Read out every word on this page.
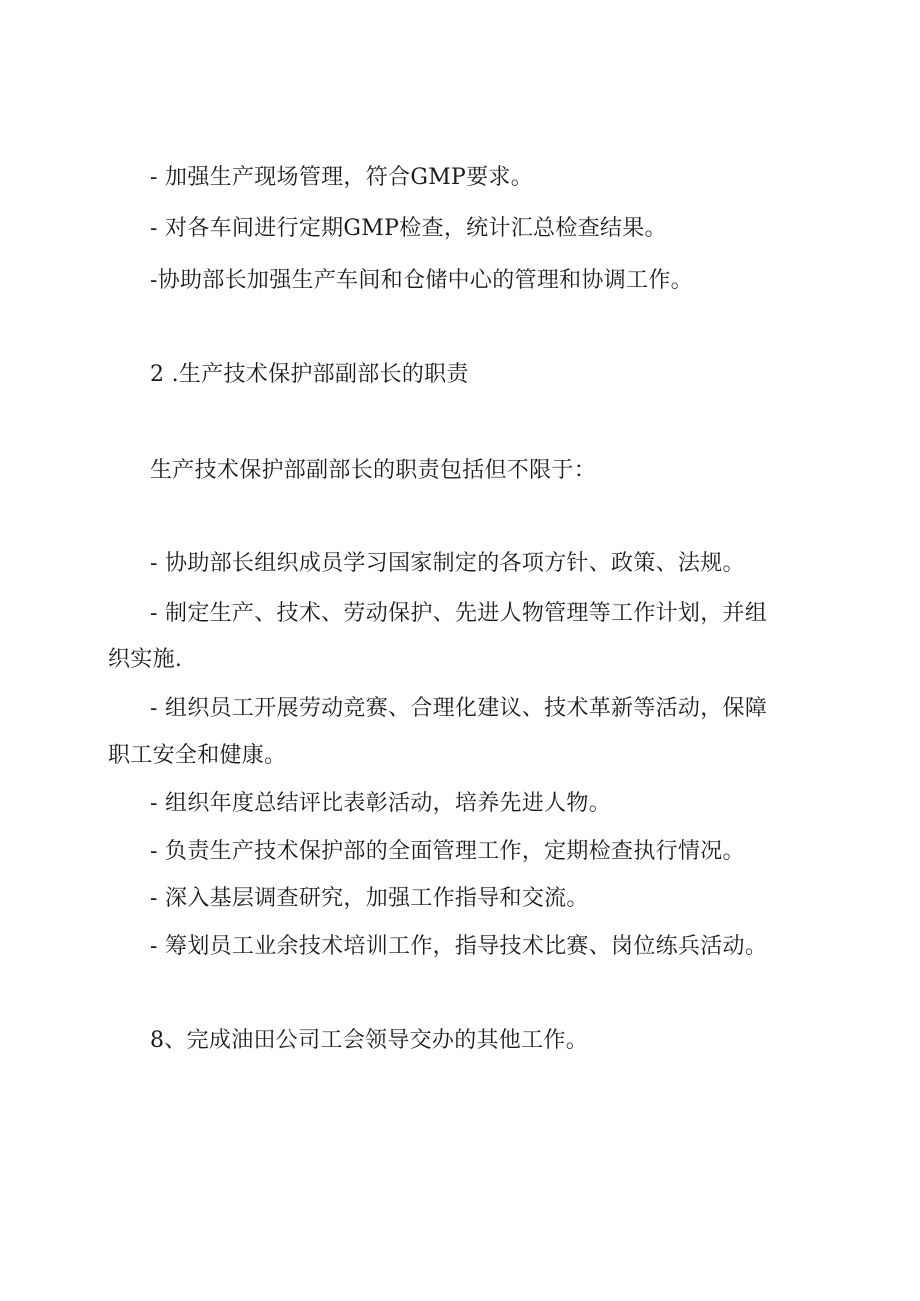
- 加强生产现场管理，符合GMP要求。
- 对各车间进行定期GMP检查，统计汇总检查结果。
-协助部长加强生产车间和仓储中心的管理和协调工作。
2 .生产技术保护部副部长的职责
生产技术保护部副部长的职责包括但不限于：
- 协助部长组织成员学习国家制定的各项方针、政策、法规。
- 制定生产、技术、劳动保护、先进人物管理等工作计划，并组
织实施.
- 组织员工开展劳动竞赛、合理化建议、技术革新等活动，保障
职工安全和健康。
- 组织年度总结评比表彰活动，培养先进人物。
- 负责生产技术保护部的全面管理工作，定期检查执行情况。
- 深入基层调查研究，加强工作指导和交流。
- 筹划员工业余技术培训工作，指导技术比赛、岗位练兵活动。
8、完成油田公司工会领导交办的其他工作。
